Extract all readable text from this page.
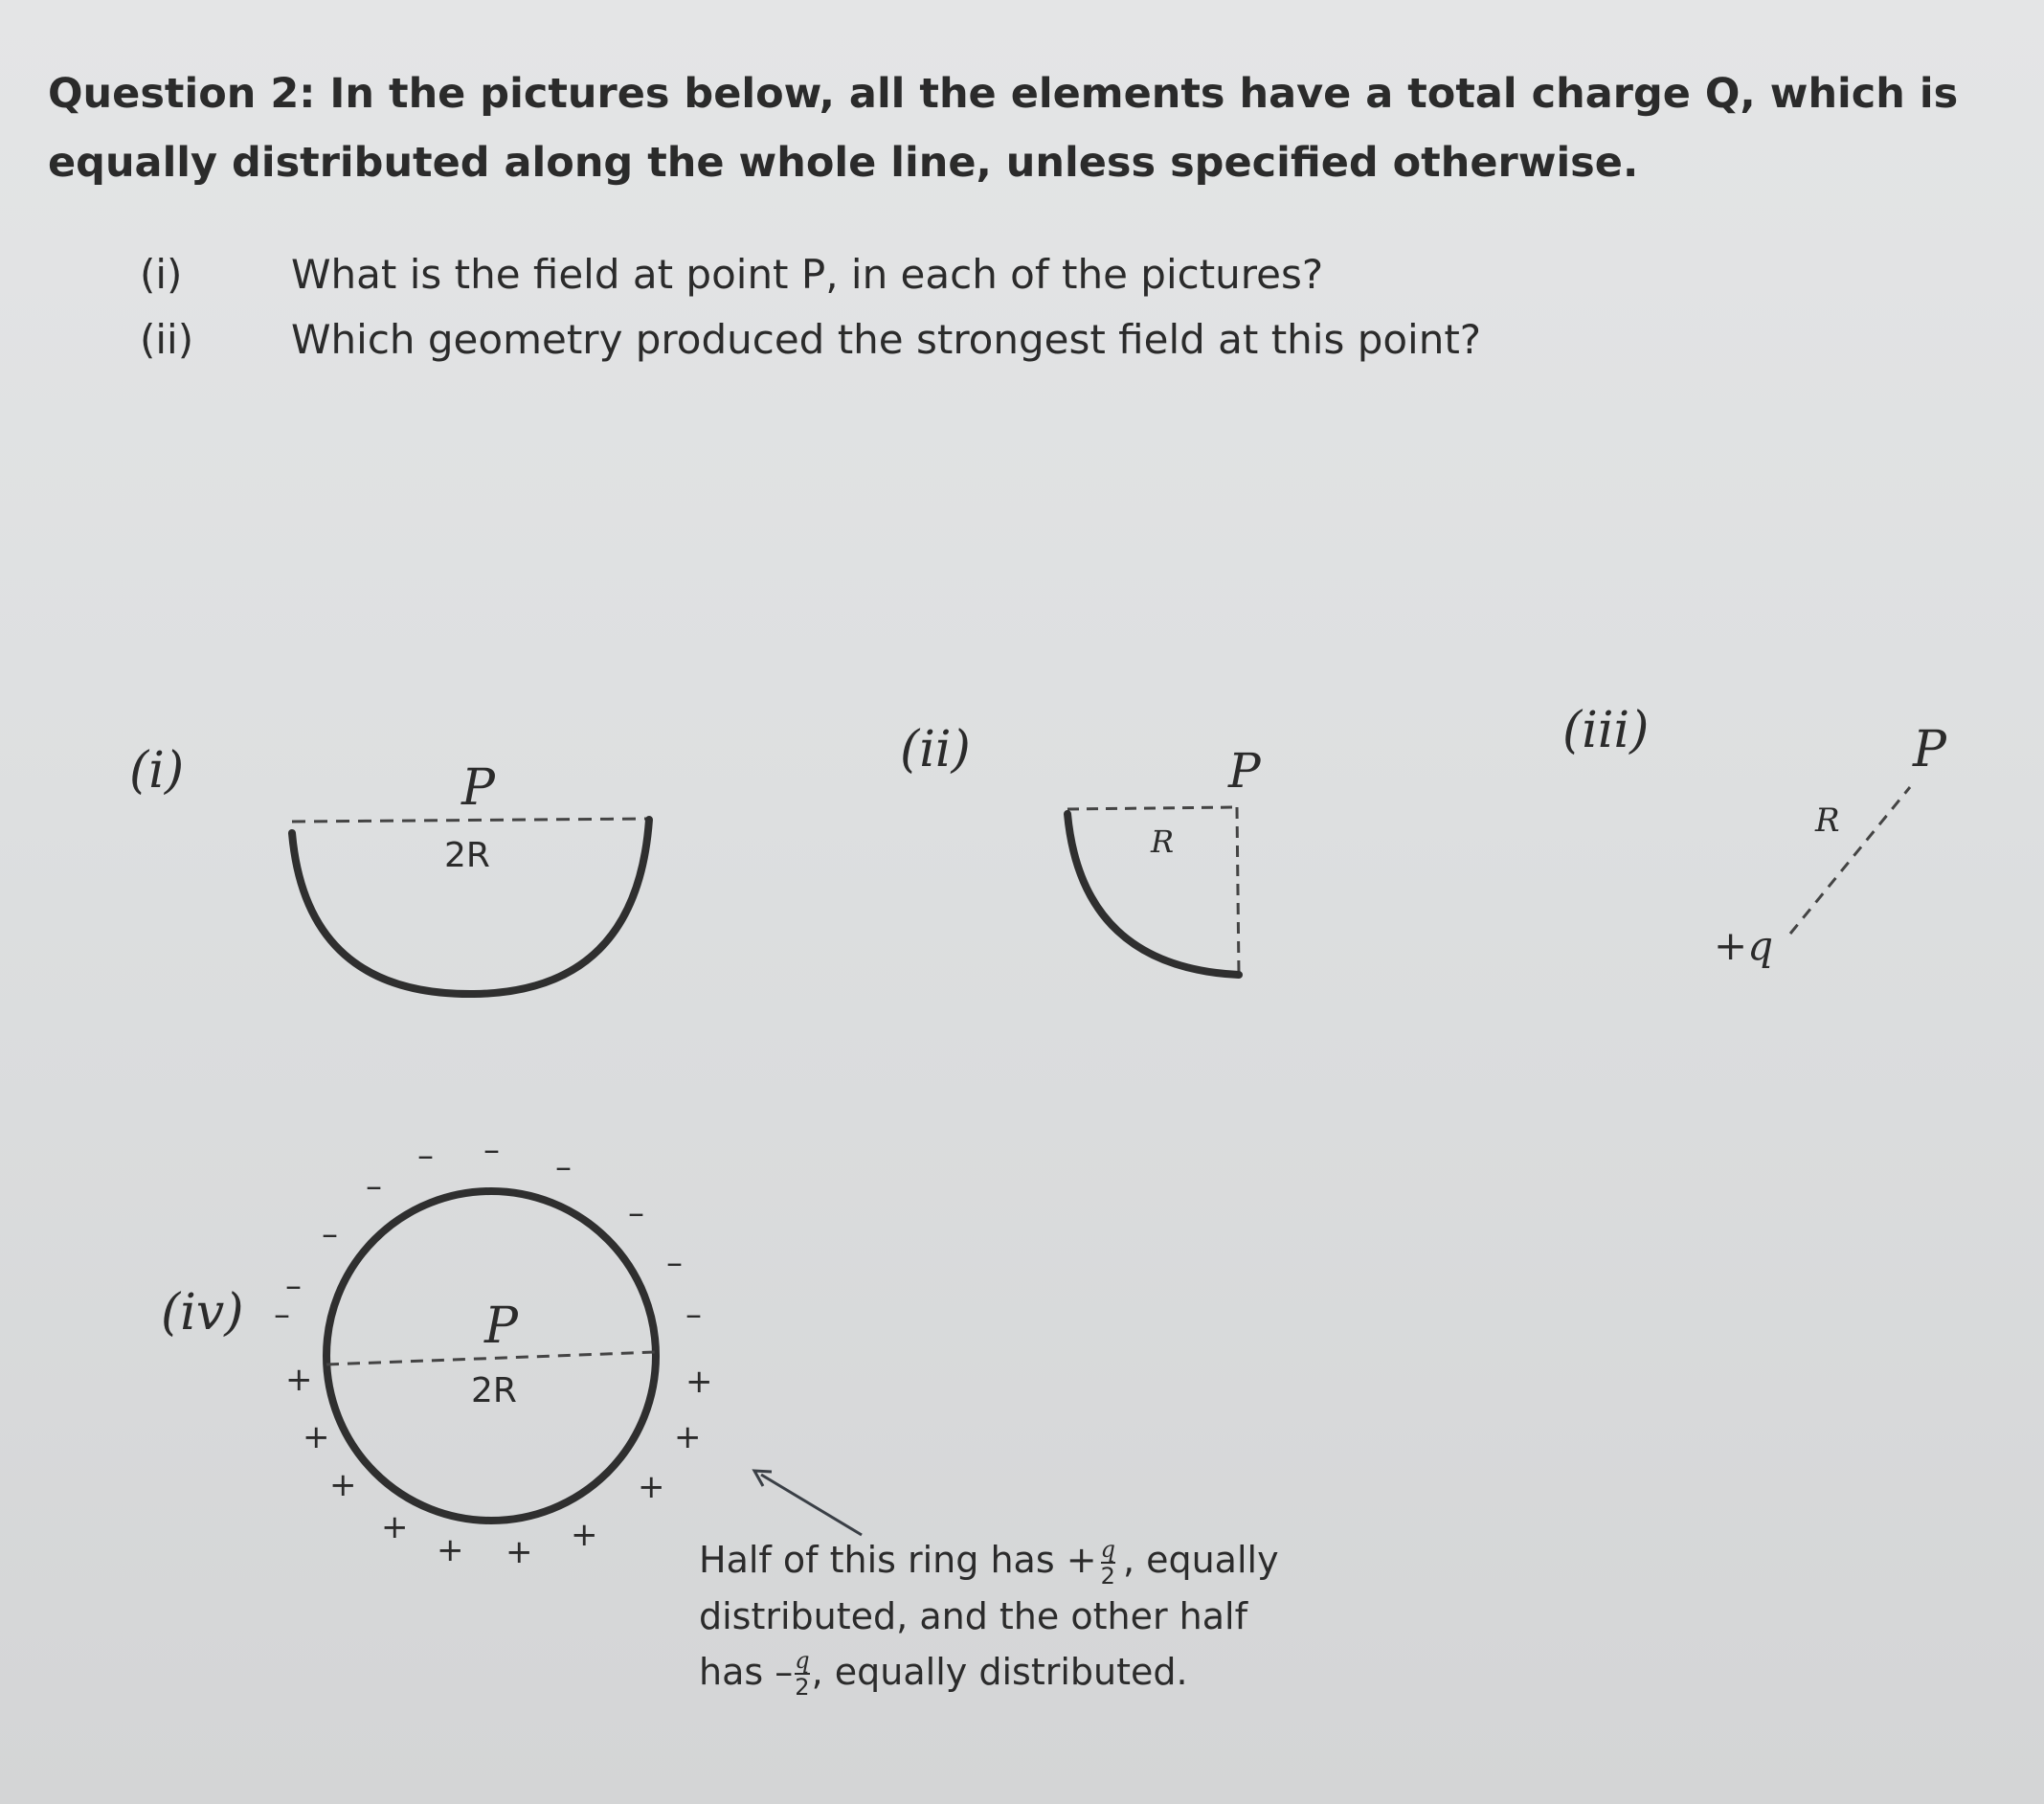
Question 2: In the pictures below, all the elements have a total charge Q, which is equally distributed along the whole line, unless specified otherwise.
(i)	What is the field at point P, in each of the pictures?
(ii) Which geometry produced the strongest field at this point?
(i)	P
2R
(ii)	P
R
(iii)	P
R
+q
(iv)	P
2R
–
–
–
–
– – –
–
–
–
+
+
+
+
+ + +
+
+
+
Half of this ring has + $\frac{q}{2}$ , equally
distributed, and the other half
has – $\frac{q}{2}$ , equally distributed.
